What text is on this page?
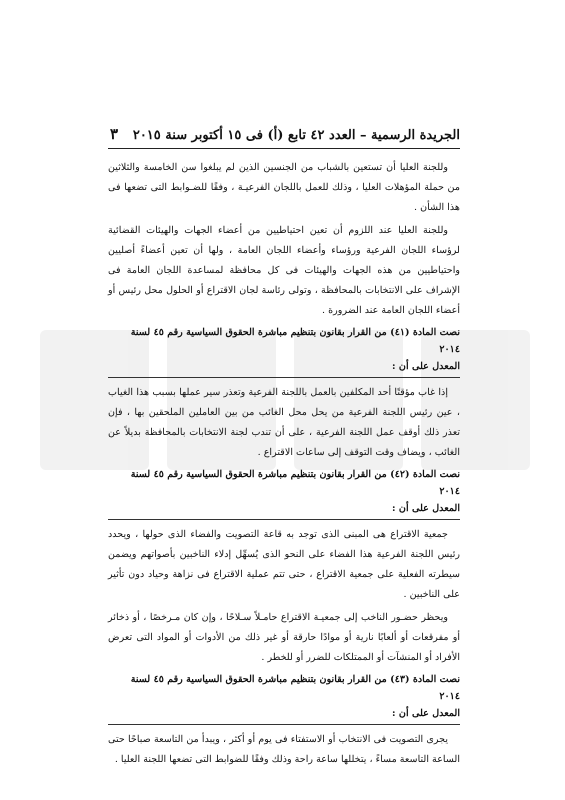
الجريدة الرسمية – العدد ٤٢ تابع (أ) فى ١٥ أكتوبر سنة ٢٠١٥
٣

وللجنة العليا أن تستعين بالشباب من الجنسين الذين لم يبلغوا سن الخامسة والثلاثين من حملة المؤهلات العليا ، وذلك للعمل باللجان الفرعيـة ، وفقًا للضـوابط التى تضعها فى هذا الشأن .

وللجنة العليا عند اللزوم أن تعين احتياطيين من أعضاء الجهات والهيئات القضائية لرؤساء اللجان الفرعية ورؤساء وأعضاء اللجان العامة ، ولها أن تعين أعضاءً أصليين واحتياطيين من هذه الجهات والهيئات فى كل محافظة لمساعدة اللجان العامة فى الإشراف على الانتخابات بالمحافظة ، وتولى رئاسة لجان الاقتراع أو الحلول محل رئيس أو أعضاء اللجان العامة عند الضرورة .

نصت المادة (٤١) من القرار بقانون بتنظيم مباشرة الحقوق السياسية رقم ٤٥ لسنة ٢٠١٤
المعدل على أن :

إذا غاب مؤقتًا أحد المكلفين بالعمل باللجنة الفرعية وتعذر سير عملها بسبب هذا الغياب ، عين رئيس اللجنة الفرعية من يحل محل الغائب من بين العاملين الملحقين بها ، فإن تعذر ذلك أوقف عمل اللجنة الفرعية ، على أن تندب لجنة الانتخابات بالمحافظة بديلاً عن الغائب ، ويضاف وقت التوقف إلى ساعات الاقتراع .

نصت المادة (٤٢) من القرار بقانون بتنظيم مباشرة الحقوق السياسية رقم ٤٥ لسنة ٢٠١٤
المعدل على أن :

جمعية الاقتراع هى المبنى الذى توجد به قاعة التصويت والفضاء الذى حولها ، ويحدد رئيس اللجنة الفرعية هذا الفضاء على النحو الذى يُسهِّل إدلاء الناخبين بأصواتهم ويضمن سيطرته الفعلية على جمعية الاقتراع ، حتى تتم عملية الاقتراع فى نزاهة وحياد دون تأثير على الناخبين .

ويحظر حضـور الناخب إلى جمعيـة الاقتراع حامـلاً سـلاحًا ، وإن كان مـرخصًا ، أو ذخائر أو مفرقعات أو ألعابًا نارية أو موادًا حارقة أو غير ذلك من الأدوات أو المواد التى تعرض الأفراد أو المنشآت أو الممتلكات للضرر أو للخطر .

نصت المادة (٤٣) من القرار بقانون بتنظيم مباشرة الحقوق السياسية رقم ٤٥ لسنة ٢٠١٤
المعدل على أن :

يجرى التصويت فى الانتخاب أو الاستفتاء فى يوم أو أكثر ، ويبدأ من التاسعة صباحًا حتى الساعة التاسعة مساءً ، يتخللها ساعة راحة وذلك وفقًا للضوابط التى تضعها اللجنة العليا .
